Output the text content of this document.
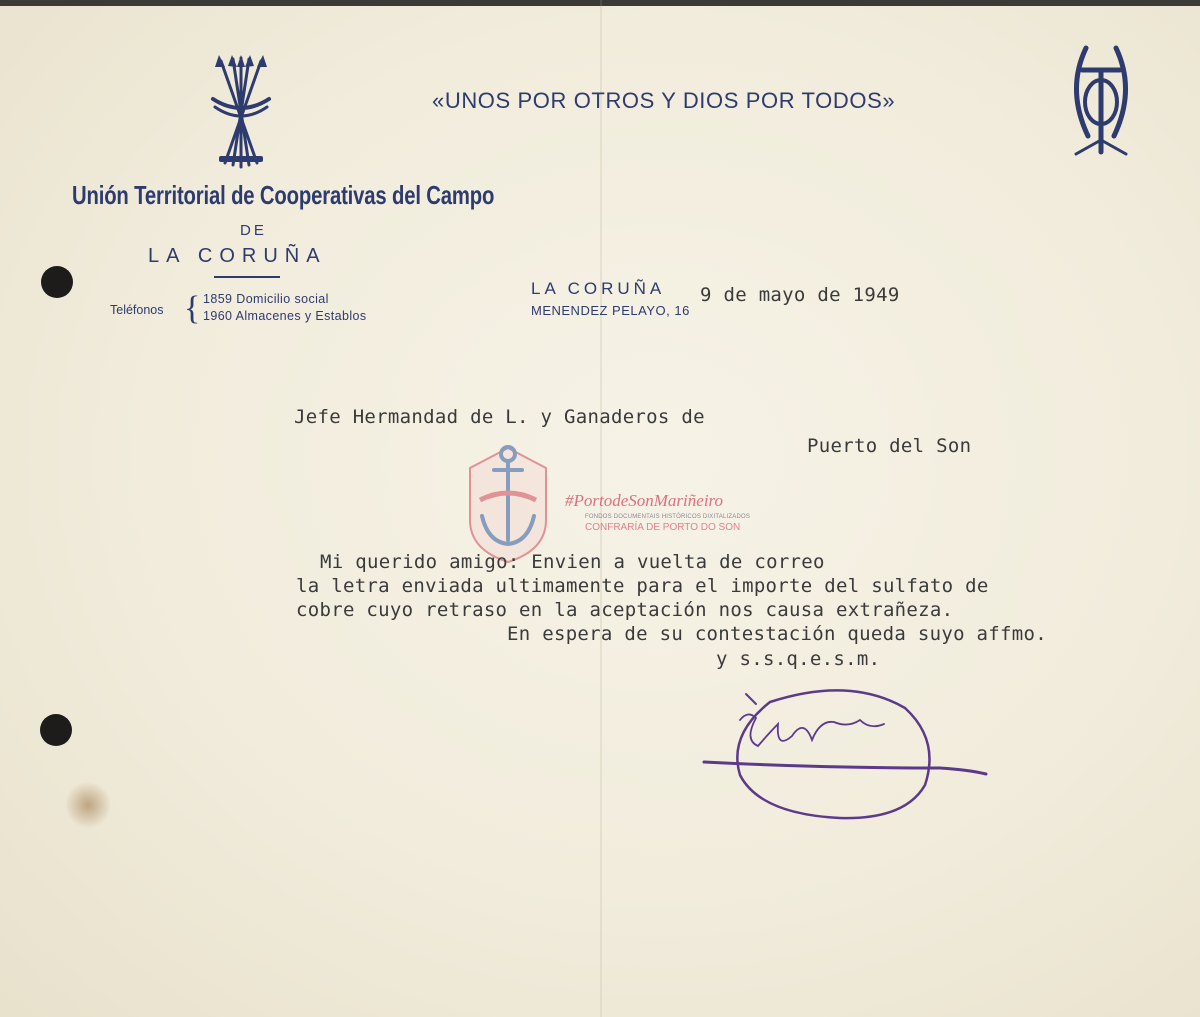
«UNOS POR OTROS Y DIOS POR TODOS»
Unión Territorial de Cooperativas del Campo
DE
LA CORUÑA
Teléfonos { 1859 Domicilio social
1960 Almacenes y Establos
LA CORUÑA
MENENDEZ PELAYO, 16
9 de mayo de 1949
Jefe Hermandad de L. y Ganaderos de
Puerto del Son
#PortodeSonMariñeiro
FONDOS DOCUMENTAIS HISTÓRICOS DIXITALIZADOS
CONFRARÍA DE PORTO DO SON
Mi querido amigo: Envien a vuelta de correo
la letra enviada ultimamente para el importe del sulfato de
cobre cuyo retraso en la aceptación nos causa extrañeza.
En espera de su contestación queda suyo affmo.
y s.s.q.e.s.m.
